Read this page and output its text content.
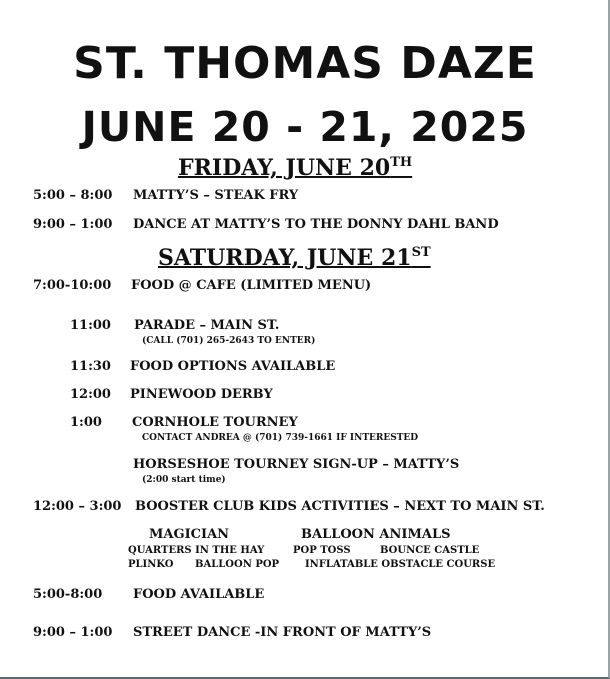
ST. THOMAS DAZE
JUNE 20 - 21, 2025
FRIDAY, JUNE 20TH
5:00 – 8:00 MATTY’S – STEAK FRY
9:00 – 1:00 DANCE AT MATTY’S TO THE DONNY DAHL BAND
SATURDAY, JUNE 21ST
7:00-10:00 FOOD @ CAFE (LIMITED MENU)
11:00 PARADE – MAIN ST.
(CALL (701) 265-2643 TO ENTER)
11:30 FOOD OPTIONS AVAILABLE
12:00 PINEWOOD DERBY
1:00 CORNHOLE TOURNEY
CONTACT ANDREA @ (701) 739-1661 IF INTERESTED
HORSESHOE TOURNEY SIGN-UP – MATTY’S
(2:00 start time)
12:00 – 3:00 BOOSTER CLUB KIDS ACTIVITIES – NEXT TO MAIN ST.
MAGICIAN	BALLOON ANIMALS
QUARTERS IN THE HAY	POP TOSS	BOUNCE CASTLE
PLINKO BALLOON POP	INFLATABLE OBSTACLE COURSE
5:00-8:00 FOOD AVAILABLE
9:00 – 1:00 STREET DANCE -IN FRONT OF MATTY’S
